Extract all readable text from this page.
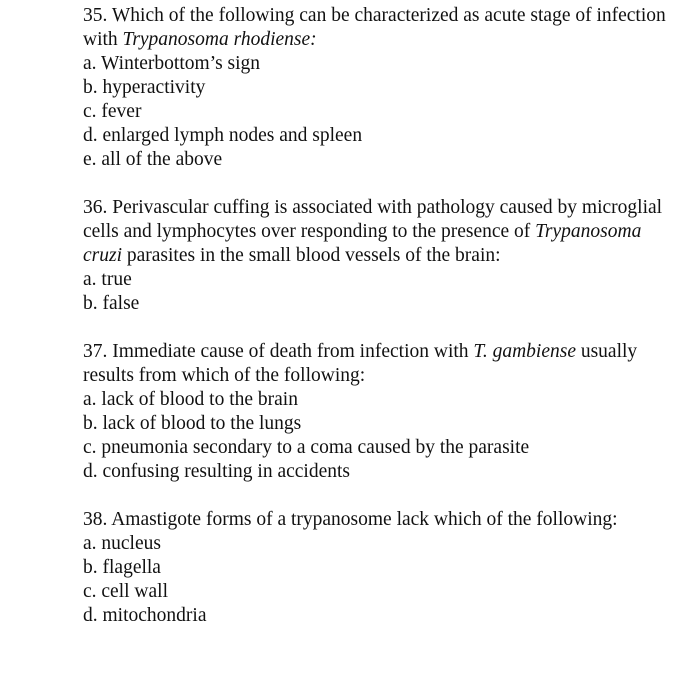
35. Which of the following can be characterized as acute stage of infection with Trypanosoma rhodiense:
a. Winterbottom’s sign
b. hyperactivity
c. fever
d. enlarged lymph nodes and spleen
e. all of the above
36. Perivascular cuffing is associated with pathology caused by microglial cells and lymphocytes over responding to the presence of Trypanosoma cruzi parasites in the small blood vessels of the brain:
a. true
b. false
37. Immediate cause of death from infection with T. gambiense usually results from which of the following:
a. lack of blood to the brain
b. lack of blood to the lungs
c. pneumonia secondary to a coma caused by the parasite
d. confusing resulting in accidents
38. Amastigote forms of a trypanosome lack which of the following:
a. nucleus
b. flagella
c. cell wall
d. mitochondria
